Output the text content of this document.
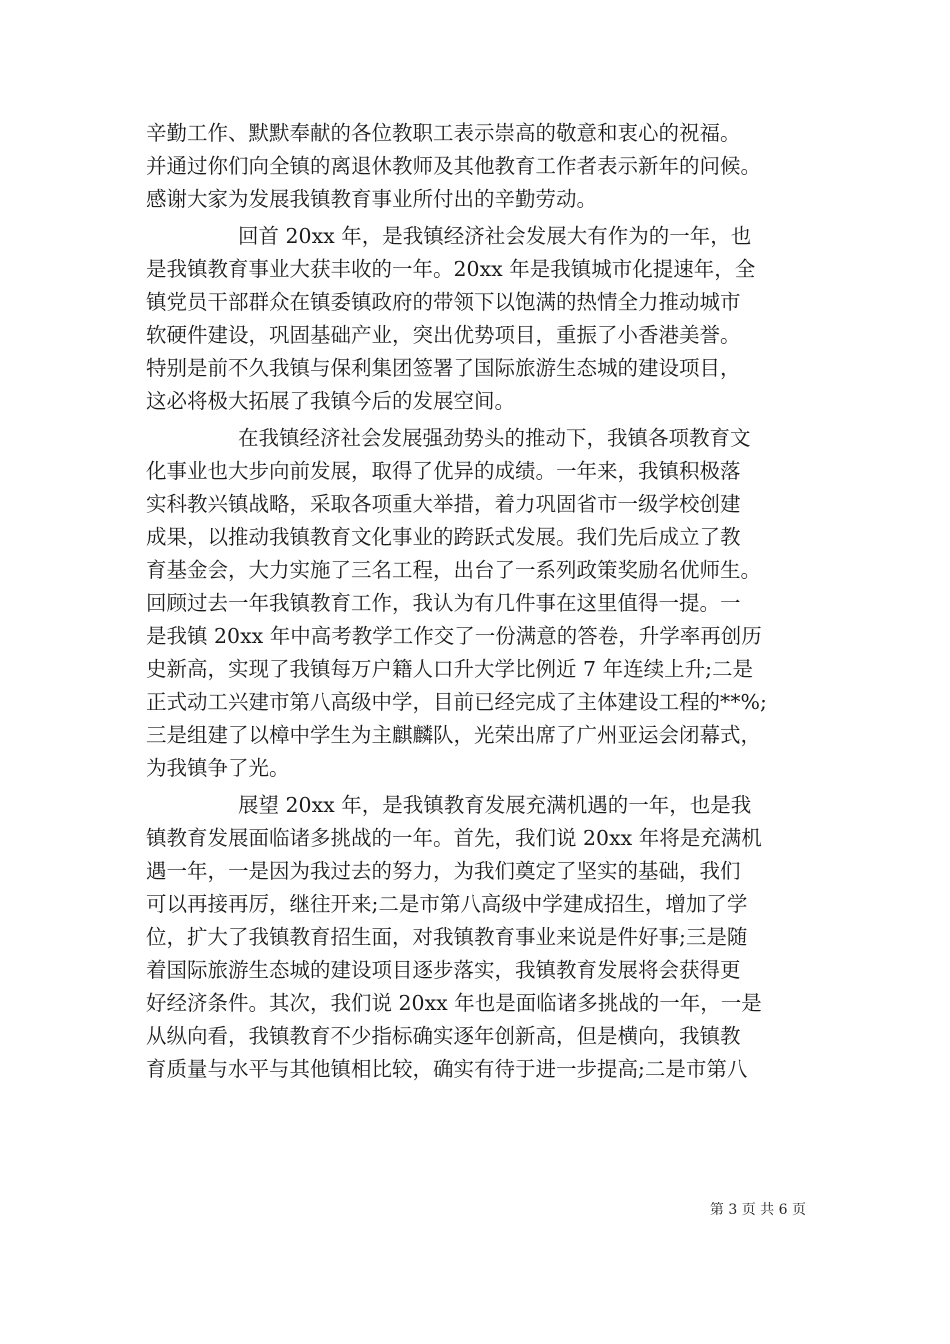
辛勤工作、默默奉献的各位教职工表示崇高的敬意和衷心的祝福。
并通过你们向全镇的离退休教师及其他教育工作者表示新年的问候。
感谢大家为发展我镇教育事业所付出的辛勤劳动。
回首 20xx 年，是我镇经济社会发展大有作为的一年，也
是我镇教育事业大获丰收的一年。20xx 年是我镇城市化提速年，全
镇党员干部群众在镇委镇政府的带领下以饱满的热情全力推动城市
软硬件建设，巩固基础产业，突出优势项目，重振了小香港美誉。
特别是前不久我镇与保利集团签署了国际旅游生态城的建设项目，
这必将极大拓展了我镇今后的发展空间。
在我镇经济社会发展强劲势头的推动下，我镇各项教育文
化事业也大步向前发展，取得了优异的成绩。一年来，我镇积极落
实科教兴镇战略，采取各项重大举措，着力巩固省市一级学校创建
成果，以推动我镇教育文化事业的跨跃式发展。我们先后成立了教
育基金会，大力实施了三名工程，出台了一系列政策奖励名优师生。
回顾过去一年我镇教育工作，我认为有几件事在这里值得一提。一
是我镇 20xx 年中高考教学工作交了一份满意的答卷，升学率再创历
史新高，实现了我镇每万户籍人口升大学比例近 7 年连续上升;二是
正式动工兴建市第八高级中学，目前已经完成了主体建设工程的**%;
三是组建了以樟中学生为主麒麟队，光荣出席了广州亚运会闭幕式，
为我镇争了光。
展望 20xx 年，是我镇教育发展充满机遇的一年，也是我
镇教育发展面临诸多挑战的一年。首先，我们说 20xx 年将是充满机
遇一年，一是因为我过去的努力，为我们奠定了坚实的基础，我们
可以再接再厉，继往开来;二是市第八高级中学建成招生，增加了学
位，扩大了我镇教育招生面，对我镇教育事业来说是件好事;三是随
着国际旅游生态城的建设项目逐步落实，我镇教育发展将会获得更
好经济条件。其次，我们说 20xx 年也是面临诸多挑战的一年，一是
从纵向看，我镇教育不少指标确实逐年创新高，但是横向，我镇教
育质量与水平与其他镇相比较，确实有待于进一步提高;二是市第八
第 3 页 共 6 页
